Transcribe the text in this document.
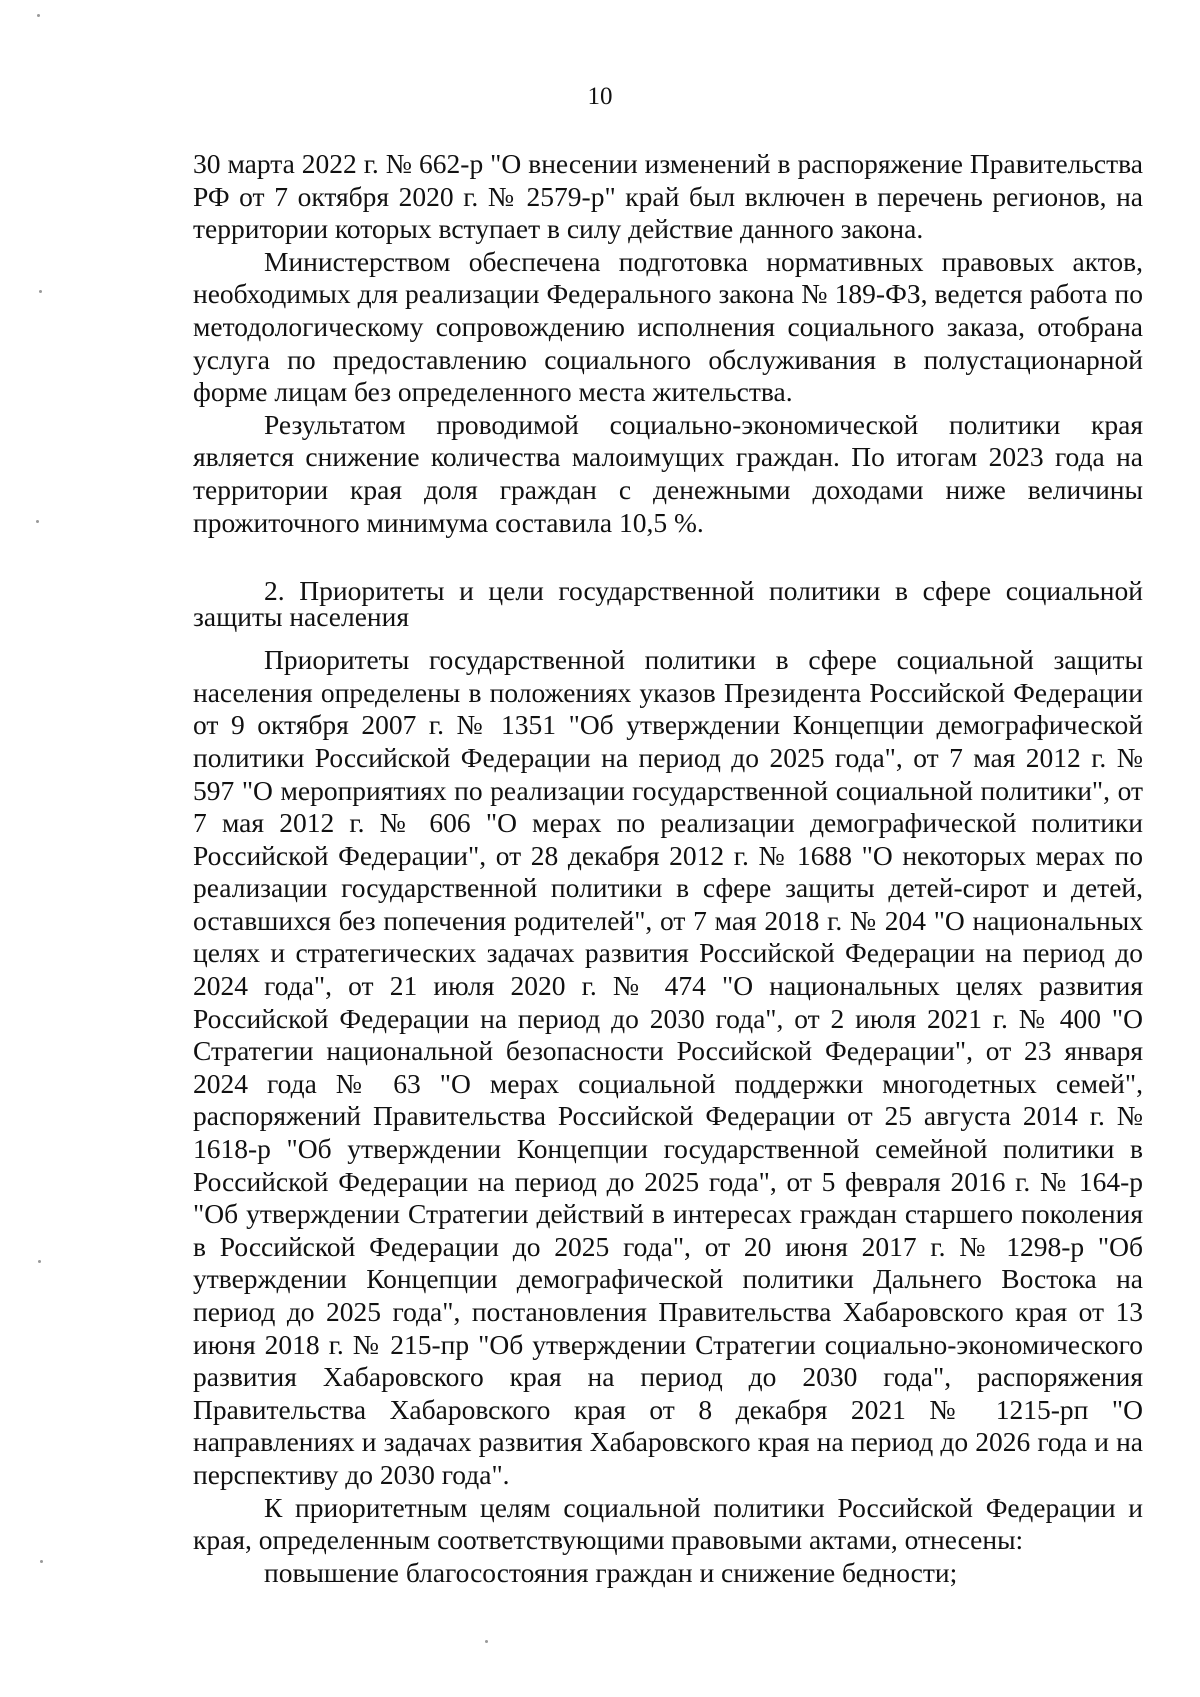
10

30 марта 2022 г. № 662-р "О внесении изменений в распоряжение Правительства РФ от 7 октября 2020 г. № 2579-р" край был включен в перечень регионов, на территории которых вступает в силу действие данного закона.

Министерством обеспечена подготовка нормативных правовых актов, необходимых для реализации Федерального закона № 189-ФЗ, ведется работа по методологическому сопровождению исполнения социального заказа, отобрана услуга по предоставлению социального обслуживания в полустационарной форме лицам без определенного места жительства.

Результатом проводимой социально-экономической политики края является снижение количества малоимущих граждан. По итогам 2023 года на территории края доля граждан с денежными доходами ниже величины прожиточного минимума составила 10,5 %.

2. Приоритеты и цели государственной политики в сфере социальной защиты населения

Приоритеты государственной политики в сфере социальной защиты населения определены в положениях указов Президента Российской Федерации от 9 октября 2007 г. № 1351 "Об утверждении Концепции демографической политики Российской Федерации на период до 2025 года", от 7 мая 2012 г. № 597 "О мероприятиях по реализации государственной социальной политики", от 7 мая 2012 г. № 606 "О мерах по реализации демографической политики Российской Федерации", от 28 декабря 2012 г. № 1688 "О некоторых мерах по реализации государственной политики в сфере защиты детей-сирот и детей, оставшихся без попечения родителей", от 7 мая 2018 г. № 204 "О национальных целях и стратегических задачах развития Российской Федерации на период до 2024 года", от 21 июля 2020 г. № 474 "О национальных целях развития Российской Федерации на период до 2030 года", от 2 июля 2021 г. № 400 "О Стратегии национальной безопасности Российской Федерации", от 23 января 2024 года № 63 "О мерах социальной поддержки многодетных семей", распоряжений Правительства Российской Федерации от 25 августа 2014 г. № 1618-р "Об утверждении Концепции государственной семейной политики в Российской Федерации на период до 2025 года", от 5 февраля 2016 г. № 164-р "Об утверждении Стратегии действий в интересах граждан старшего поколения в Российской Федерации до 2025 года", от 20 июня 2017 г. № 1298-р "Об утверждении Концепции демографической политики Дальнего Востока на период до 2025 года", постановления Правительства Хабаровского края от 13 июня 2018 г. № 215-пр "Об утверждении Стратегии социально-экономического развития Хабаровского края на период до 2030 года", распоряжения Правительства Хабаровского края от 8 декабря 2021 № 1215-рп "О направлениях и задачах развития Хабаровского края на период до 2026 года и на перспективу до 2030 года".

К приоритетным целям социальной политики Российской Федерации и края, определенным соответствующими правовыми актами, отнесены:

повышение благосостояния граждан и снижение бедности;
